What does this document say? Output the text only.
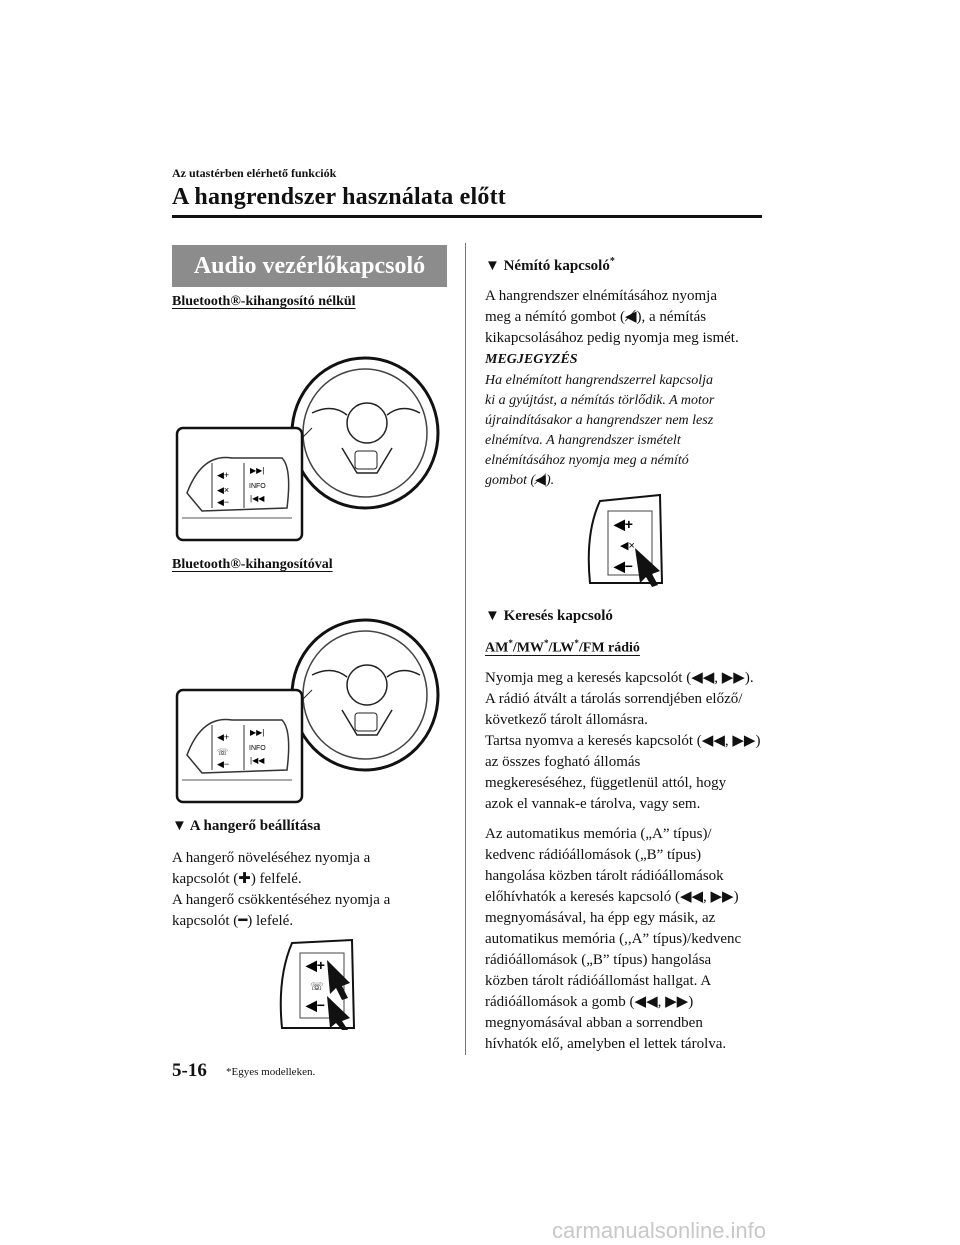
Az utastérben elérhető funkciók
A hangrendszer használata előtt
Audio vezérlőkapcsoló
Bluetooth®-kihangosító nélkül
◀+
◀×
◀−
▶▶|
INFO
|◀◀
Bluetooth®-kihangosítóval
◀+
☏
◀−
▶▶|
INFO
|◀◀
▼ A hangerő beállítása

A hangerő növeléséhez nyomja a

kapcsolót (✚) felfelé.

A hangerő csökkentéséhez nyomja a

kapcsolót (━) lefelé.

◀+
☏
◀−
▼ Némító kapcsoló*

A hangrendszer elnémításához nyomja

meg a némító gombot (◀̸), a némítás

kikapcsolásához pedig nyomja meg ismét.

MEGJEGYZÉS

Ha elnémított hangrendszerrel kapcsolja

ki a gyújtást, a némítás törlődik. A motor

újraindításakor a hangrendszer nem lesz

elnémítva. A hangrendszer ismételt

elnémításához nyomja meg a némító

gombot (◀̸).

◀+
◀×
◀−
▼ Keresés kapcsoló
AM*/MW*/LW*/FM rádió

Nyomja meg a keresés kapcsolót (◀◀, ▶▶).

A rádió átvált a tárolás sorrendjében előző/

következő tárolt állomásra.

Tartsa nyomva a keresés kapcsolót (◀◀, ▶▶)

az összes fogható állomás

megkereséséhez, függetlenül attól, hogy

azok el vannak-e tárolva, vagy sem.

Az automatikus memória („A” típus)/

kedvenc rádióállomások („B” típus)

hangolása közben tárolt rádióállomások

előhívhatók a keresés kapcsoló (◀◀, ▶▶)

megnyomásával, ha épp egy másik, az

automatikus memória (,,A” típus)/kedvenc

rádióállomások („B” típus) hangolása

közben tárolt rádióállomást hallgat. A

rádióállomások a gomb (◀◀, ▶▶)

megnyomásával abban a sorrendben

hívhatók elő, amelyben el lettek tárolva.

5-16 *Egyes modelleken.
carmanualsonline.info
